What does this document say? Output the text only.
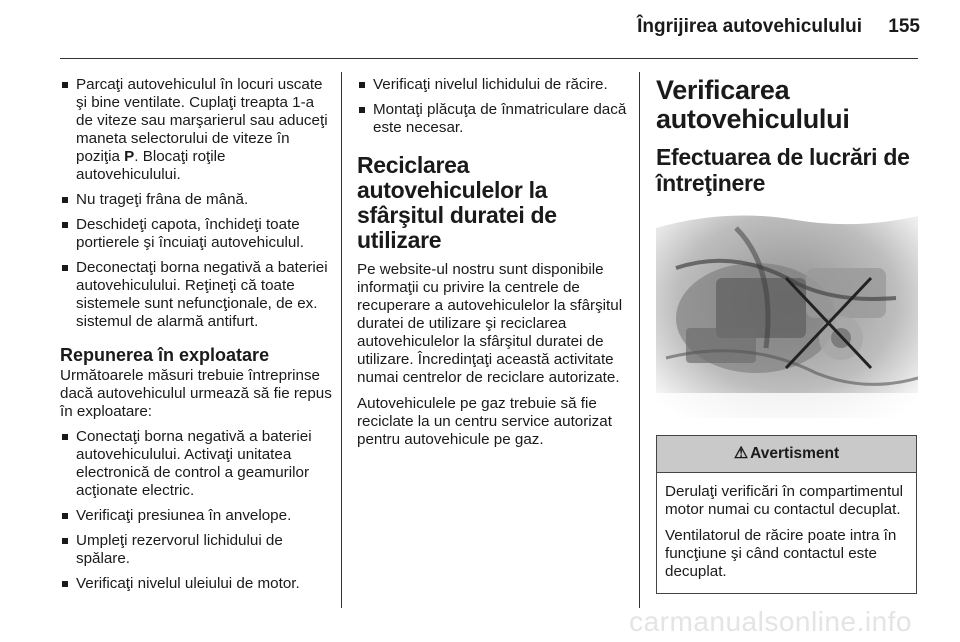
Îngrijirea autovehiculului 155
Parcaţi autovehiculul în locuri uscate şi bine ventilate. Cuplaţi treapta 1-a de viteze sau marşarierul sau aduceţi maneta selectorului de viteze în poziţia P. Blocaţi roţile autovehiculului.
Nu trageţi frâna de mână.
Deschideţi capota, închideţi toate portierele şi încuiaţi autovehiculul.
Deconectaţi borna negativă a bateriei autovehiculului. Reţineţi că toate sistemele sunt nefuncţionale, de ex. sistemul de alarmă antifurt.
Repunerea în exploatare

Următoarele măsuri trebuie întreprinse dacă autovehiculul urmează să fie repus în exploatare:

Conectaţi borna negativă a bateriei autovehiculului. Activaţi unitatea electronică de control a geamurilor acţionate electric.
Verificaţi presiunea în anvelope.
Umpleţi rezervorul lichidului de spălare.
Verificaţi nivelul uleiului de motor.
Verificaţi nivelul lichidului de răcire.
Montaţi plăcuţa de înmatriculare dacă este necesar.
Reciclarea autovehiculelor la sfârşitul duratei de utilizare

Pe website-ul nostru sunt disponibile informaţii cu privire la centrele de recuperare a autovehiculelor la sfârşitul duratei de utilizare şi reciclarea autovehiculelor la sfârşitul duratei de utilizare. Încredinţaţi această activitate numai centrelor de reciclare autorizate.

Autovehiculele pe gaz trebuie să fie reciclate la un centru service autorizat pentru autovehicule pe gaz.

Verificarea autovehiculului
Efectuarea de lucrări de întreţinere
⚠ Avertisment

Derulaţi verificări în compartimentul motor numai cu contactul decuplat.

Ventilatorul de răcire poate intra în funcţiune şi când contactul este decuplat.

carmanualsonline.info
